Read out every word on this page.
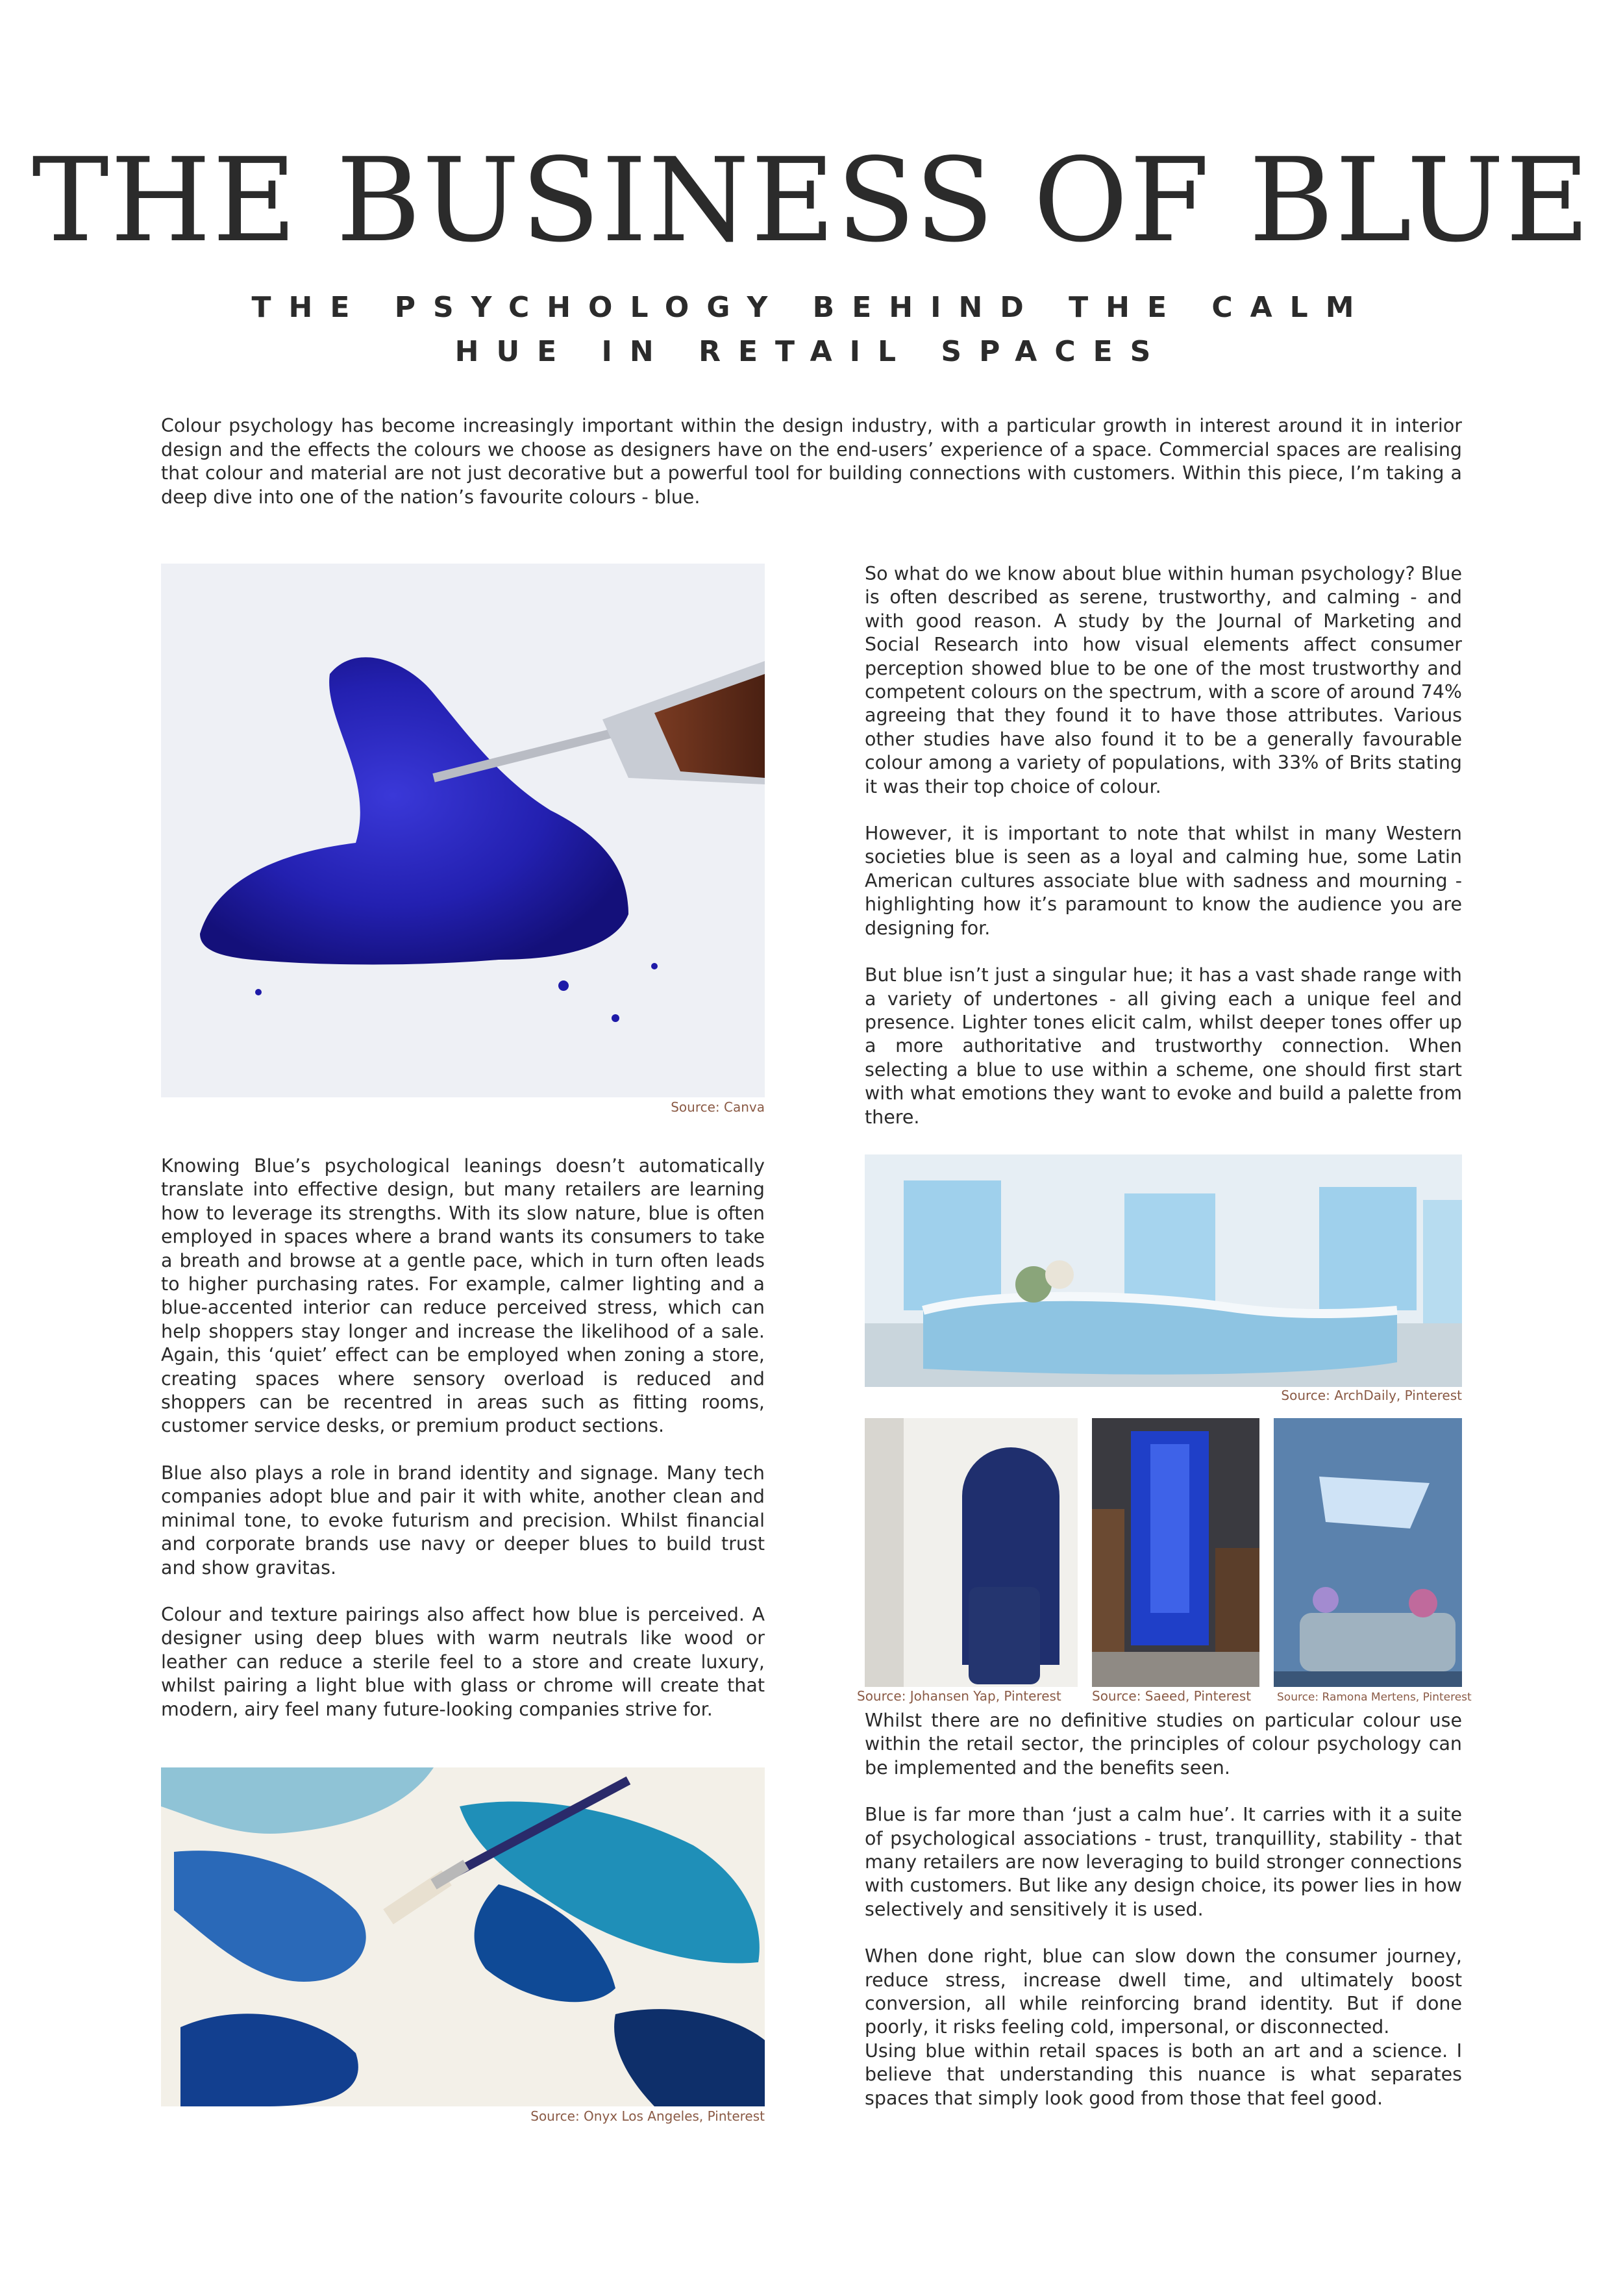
THE BUSINESS OF BLUE
THE PSYCHOLOGY BEHIND THE CALM HUE IN RETAIL SPACES

Colour psychology has become increasingly important within the design industry, with a particular growth in interest around it in interior design and the effects the colours we choose as designers have on the end-users’ experience of a space. Commercial spaces are realising that colour and material are not just decorative but a powerful tool for building connections with customers. Within this piece, I’m taking a deep dive into one of the nation’s favourite colours - blue.

Source: Canva

So what do we know about blue within human psychology? Blue is often described as serene, trustworthy, and calming - and with good reason. A study by the Journal of Marketing and Social Research into how visual elements affect consumer perception showed blue to be one of the most trustworthy and competent colours on the spectrum, with a score of around 74% agreeing that they found it to have those attributes. Various other studies have also found it to be a generally favourable colour among a variety of populations, with 33% of Brits stating it was their top choice of colour.

However, it is important to note that whilst in many Western societies blue is seen as a loyal and calming hue, some Latin American cultures associate blue with sadness and mourning - highlighting how it’s paramount to know the audience you are designing for.

But blue isn’t just a singular hue; it has a vast shade range with a variety of undertones - all giving each a unique feel and presence. Lighter tones elicit calm, whilst deeper tones offer up a more authoritative and trustworthy connection. When selecting a blue to use within a scheme, one should first start with what emotions they want to evoke and build a palette from there.

Knowing Blue’s psychological leanings doesn’t automatically translate into effective design, but many retailers are learning how to leverage its strengths. With its slow nature, blue is often employed in spaces where a brand wants its consumers to take a breath and browse at a gentle pace, which in turn often leads to higher purchasing rates. For example, calmer lighting and a blue-accented interior can reduce perceived stress, which can help shoppers stay longer and increase the likelihood of a sale. Again, this ‘quiet’ effect can be employed when zoning a store, creating spaces where sensory overload is reduced and shoppers can be recentred in areas such as fitting rooms, customer service desks, or premium product sections.

Blue also plays a role in brand identity and signage. Many tech companies adopt blue and pair it with white, another clean and minimal tone, to evoke futurism and precision. Whilst financial and corporate brands use navy or deeper blues to build trust and show gravitas.

Colour and texture pairings also affect how blue is perceived. A designer using deep blues with warm neutrals like wood or leather can reduce a sterile feel to a store and create luxury, whilst pairing a light blue with glass or chrome will create that modern, airy feel many future-looking companies strive for.

Source: ArchDaily, Pinterest
Source: Johansen Yap, Pinterest Source: Saeed, Pinterest Source: Ramona Mertens, Pinterest

Whilst there are no definitive studies on particular colour use within the retail sector, the principles of colour psychology can be implemented and the benefits seen.

Blue is far more than ‘just a calm hue’. It carries with it a suite of psychological associations - trust, tranquillity, stability - that many retailers are now leveraging to build stronger connections with customers. But like any design choice, its power lies in how selectively and sensitively it is used.

When done right, blue can slow down the consumer journey, reduce stress, increase dwell time, and ultimately boost conversion, all while reinforcing brand identity. But if done poorly, it risks feeling cold, impersonal, or disconnected.

Using blue within retail spaces is both an art and a science. I believe that understanding this nuance is what separates spaces that simply look good from those that feel good.

Source: Onyx Los Angeles, Pinterest
